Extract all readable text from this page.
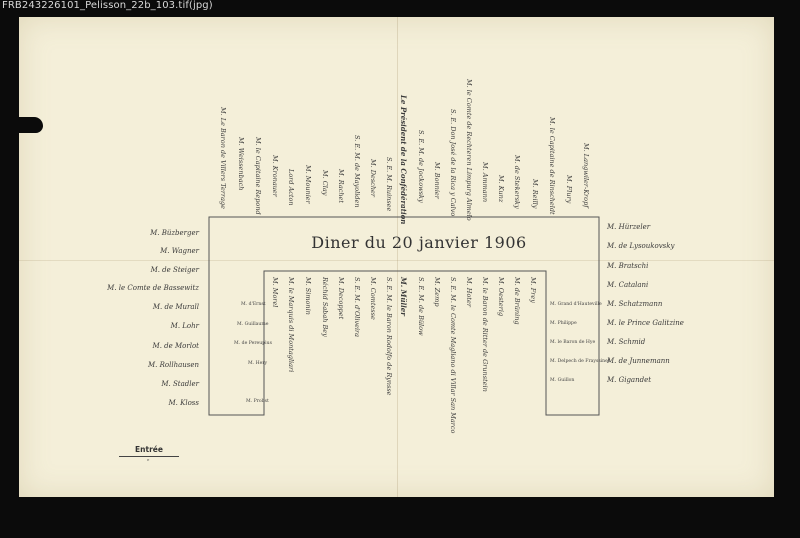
FRB243226101_Pelisson_22b_103.tif(jpg)
Diner du 20 janvier 1906
M. Büzberger
M. Wagner
M. de Steiger
M. le Comte de Bassewitz
M. de Murall
M. Lohr
M. de Morlot
M. Rollhausen
M. Stadler
M. Kloss
M. Hürzeler
M. de Lysoukovsky
M. Bratschi
M. Catalani
M. Schatzmann
M. le Prince Galitzine
M. Schmid
M. de Junnemann
M. Gigandet
M. Le Baron de Villers Terrage M. Weissenbach M. le Capitaine Repond M. Kronauer Lord Acton M. Mounier M. Clay M. Rachet S. E. M. de Mayoliden M. Descher S. E. M. Ruinsee Le Président de la Confédération S. E. M. de Jockowsky M. Bonnier S. E. Don José de la Rica y Calvo M. le Comte de Rechteren Limpurg Almelo M. Ammann M. Kunz M. de Stekersky M. Reilly M. le Capitaine de Rinscheldt M. Flury M. Langwiler-Kropf
M. d'Ernst
M. Guillaume
M. de Pereupius
M. Hery
M. Probst
M. Grand d'Hauteville
M. Philippe
M. le Baron de Hye
M. Delpech de Frayssinet
M. Guillon
M. Morel M. le Marquis di Montagliari M. Simonin Réchid Sabah Bey M. Decoppet S. E. M. d'Oliveira M. Comtesse S. E. M. le Baron Rodolfo de Rynsse M. Müller S. E. M. de Bülow M. Zemp S. E. M. le Comte Magliano di Villar San Marco M. Hoter M. le Baron de Ritter de Grunstein M. Oesterig M. de Brüning M. Frey
Entrée
e
